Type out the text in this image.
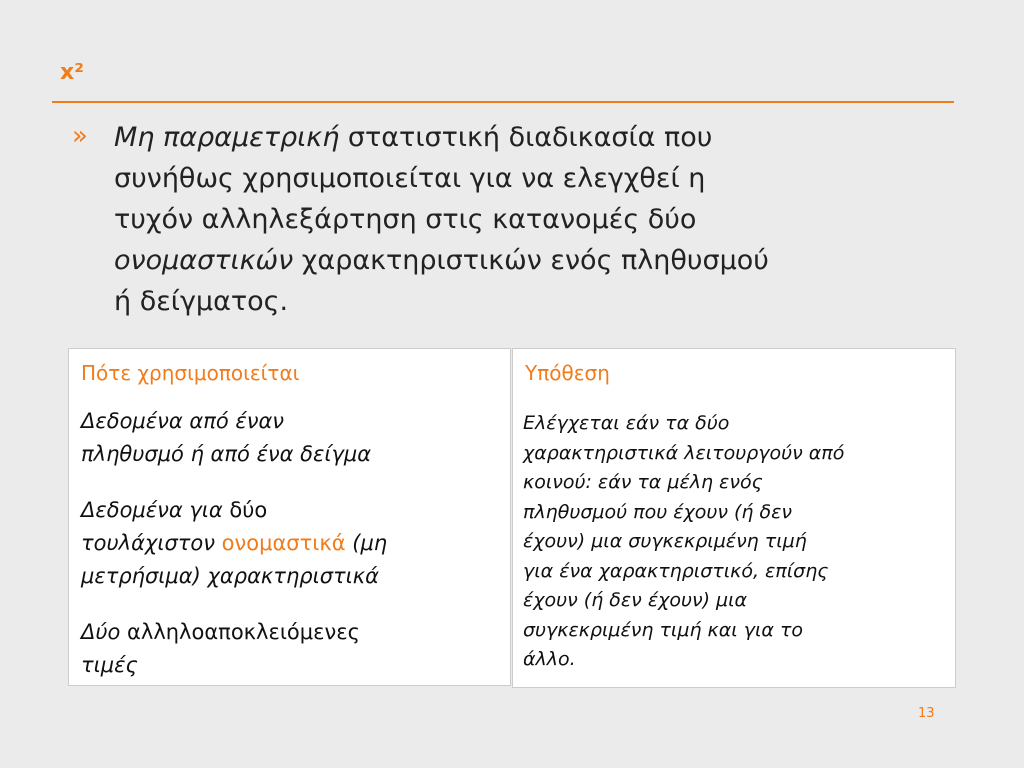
x²
» Μη παραμετρική στατιστική διαδικασία που
συνήθως χρησιμοποιείται για να ελεγχθεί η
τυχόν αλληλεξάρτηση στις κατανομές δύο
ονομαστικών χαρακτηριστικών ενός πληθυσμού
ή δείγματος.
Πότε χρησιμοποιείται
Δεδομένα από έναν
πληθυσμό ή από ένα δείγμα
Δεδομένα για δύο
τουλάχιστον ονομαστικά (μη
μετρήσιμα) χαρακτηριστικά
Δύο αλληλοαποκλειόμενες
τιμές
Υπόθεση
Ελέγχεται εάν τα δύο
χαρακτηριστικά λειτουργούν από
κοινού: εάν τα μέλη ενός
πληθυσμού που έχουν (ή δεν
έχουν) μια συγκεκριμένη τιμή
για ένα χαρακτηριστικό, επίσης
έχουν (ή δεν έχουν) μια
συγκεκριμένη τιμή και για το
άλλο.
13
